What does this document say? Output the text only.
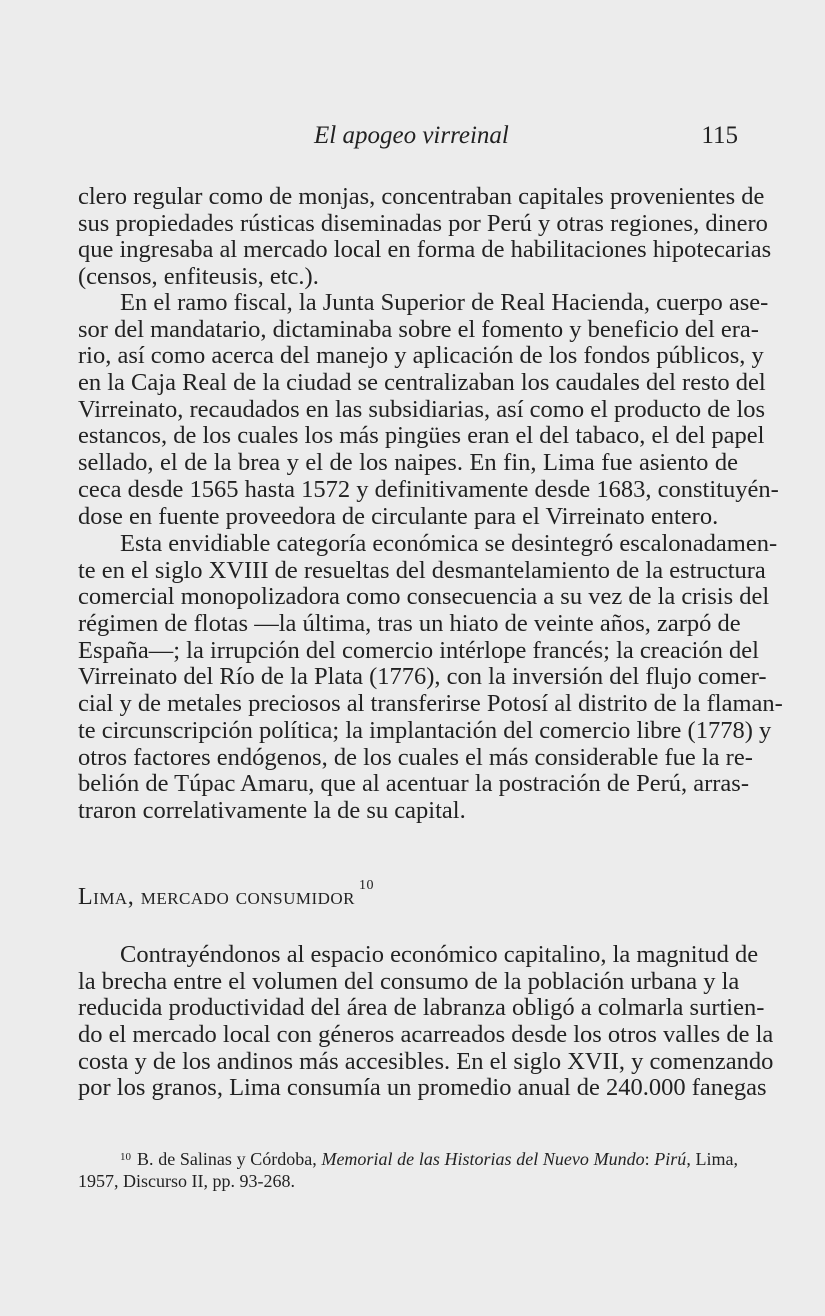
El apogeo virreinal	115
clero regular como de monjas, concentraban capitales provenientes de
sus propiedades rústicas diseminadas por Perú y otras regiones, dinero
que ingresaba al mercado local en forma de habilitaciones hipotecarias
(censos, enfiteusis, etc.).
En el ramo fiscal, la Junta Superior de Real Hacienda, cuerpo ase-
sor del mandatario, dictaminaba sobre el fomento y beneficio del era-
rio, así como acerca del manejo y aplicación de los fondos públicos, y
en la Caja Real de la ciudad se centralizaban los caudales del resto del
Virreinato, recaudados en las subsidiarias, así como el producto de los
estancos, de los cuales los más pingües eran el del tabaco, el del papel
sellado, el de la brea y el de los naipes. En fin, Lima fue asiento de
ceca desde 1565 hasta 1572 y definitivamente desde 1683, constituyén-
dose en fuente proveedora de circulante para el Virreinato entero.
Esta envidiable categoría económica se desintegró escalonadamen-
te en el siglo XVIII de resueltas del desmantelamiento de la estructura
comercial monopolizadora como consecuencia a su vez de la crisis del
régimen de flotas —la última, tras un hiato de veinte años, zarpó de
España—; la irrupción del comercio intérlope francés; la creación del
Virreinato del Río de la Plata (1776), con la inversión del flujo comer-
cial y de metales preciosos al transferirse Potosí al distrito de la flaman-
te circunscripción política; la implantación del comercio libre (1778) y
otros factores endógenos, de los cuales el más considerable fue la re-
belión de Túpac Amaru, que al acentuar la postración de Perú, arras-
traron correlativamente la de su capital.
Lima, mercado consumidor $^{10}$
Contrayéndonos al espacio económico capitalino, la magnitud de
la brecha entre el volumen del consumo de la población urbana y la
reducida productividad del área de labranza obligó a colmarla surtien-
do el mercado local con géneros acarreados desde los otros valles de la
costa y de los andinos más accesibles. En el siglo XVII, y comenzando
por los granos, Lima consumía un promedio anual de 240.000 fanegas
$^{10}$ B. de Salinas y Córdoba, Memorial de las Historias del Nuevo Mundo: Pirú, Lima,
1957, Discurso II, pp. 93-268.
